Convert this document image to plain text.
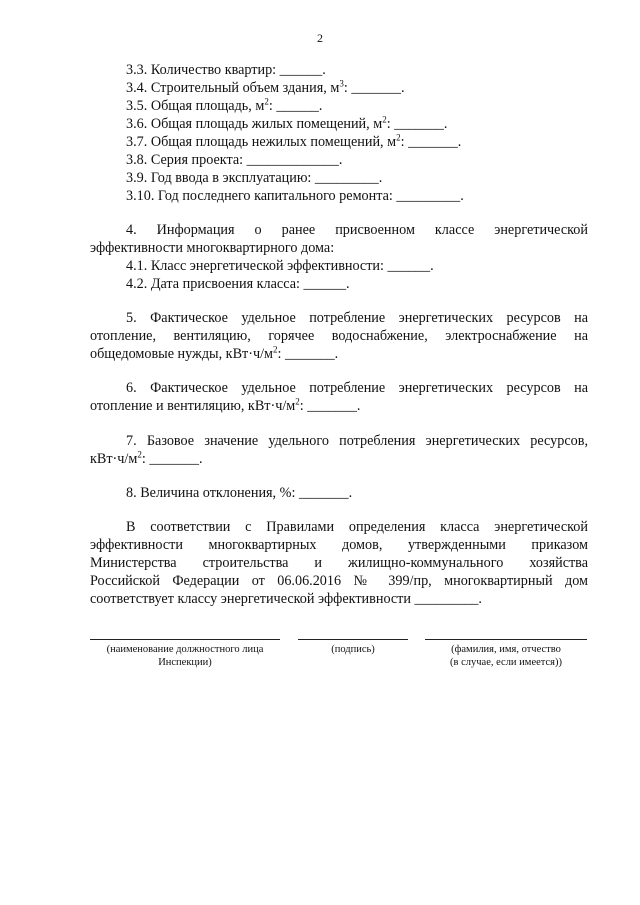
2
3.3. Количество квартир: ______.
3.4. Строительный объем здания, $м^3$: _______.
3.5. Общая площадь, $м^2$: ______.
3.6. Общая площадь жилых помещений, $м^2$: _______.
3.7. Общая площадь нежилых помещений, $м^2$: _______.
3.8. Серия проекта: _____________.
3.9. Год ввода в эксплуатацию: _________.
3.10. Год последнего капитального ремонта: _________.
4. Информация о ранее присвоенном классе энергетической
эффективности многоквартирного дома:
4.1. Класс энергетической эффективности: ______.
4.2. Дата присвоения класса: ______.
5. Фактическое удельное потребление энергетических ресурсов на
отопление, вентиляцию, горячее водоснабжение, электроснабжение на
общедомовые нужды, $кВт\cdot ч/м^2$: _______.
6. Фактическое удельное потребление энергетических ресурсов на
отопление и вентиляцию, $кВт\cdot ч/м^2$: _______.
7. Базовое значение удельного потребления энергетических ресурсов,
$кВт\cdot ч/м^2$: _______.
8. Величина отклонения, %: _______.
В соответствии с Правилами определения класса энергетической
эффективности многоквартирных домов, утвержденными приказом
Министерства строительства и жилищно-коммунального хозяйства
Российской Федерации от 06.06.2016 № 399/пр, многоквартирный дом
соответствует классу энергетической эффективности _________.
(наименование должностного лица
Инспекции)
(подпись)	(фамилия, имя, отчество
(в случае, если имеется))
